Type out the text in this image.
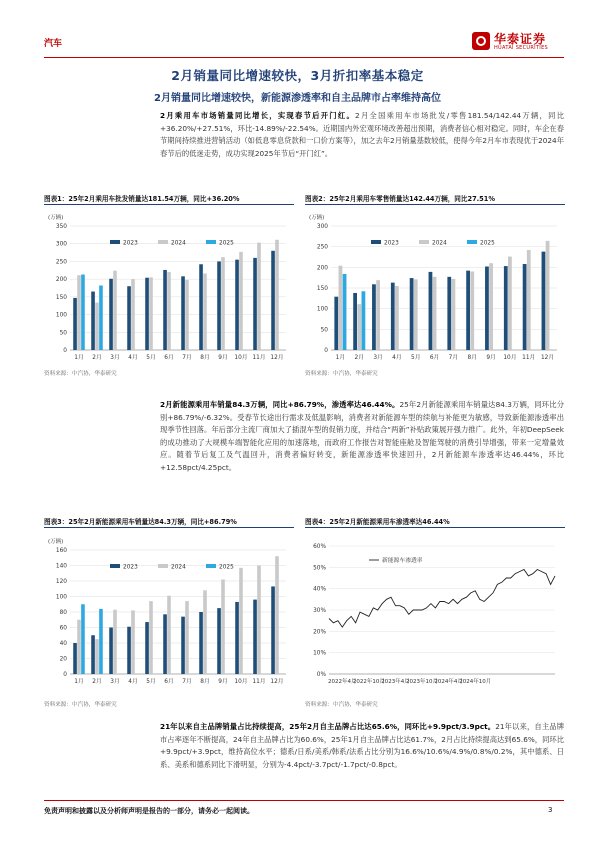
汽车	华泰证券
HUATAI SECURITIES
2月销量同比增速较快，3月折扣率基本稳定
2月销量同比增速较快，新能源渗透率和自主品牌市占率维持高位
2月乘用车市场销量同比增长，实现春节后开门红。2月全国乘用车市场批发/零售181.54/142.44万辆，同比+36.20%/+27.51%，环比-14.89%/-22.54%。近期国内外宏观环境改善超出预期，消费者信心相对稳定。同时，车企在春节期间持续推进营销活动（如低息零息贷款和一口价方案等），加之去年2月销量基数较低，使得今年2月车市表现优于2024年春节后的低迷走势，成功实现2025年节后“开门红”。
图表1：25年2月乘用车批发销量达181.54万辆，同比+36.20%
(万辆)
0
50
100
150
200
250
300
350
1月 2月 3月 4月 5月 6月 7月 8月 9月 10月 11月 12月
2023	2024	2025
资料来源：中汽协，华泰研究
图表2：25年2月乘用车零售销量达142.44万辆，同比27.51%
(万辆)
0
50
100
150
200
250
300
1月 2月 3月 4月 5月 6月 7月 8月 9月 10月 11月 12月
2023	2024	2025
资料来源：中汽协，华泰研究
2月新能源乘用车销量84.3万辆，同比+86.79%，渗透率达46.44%。25年2月新能源乘用车销量达84.3万辆，同环比分别+86.79%/-6.32%。受春节长途出行需求及低温影响，消费者对新能源车型的续航与补能更为敏感，导致新能源渗透率出现季节性回落。年后部分主流厂商加大了插混车型的促销力度，并结合“两新”补贴政策展开强力推广。此外，年初DeepSeek的成功推动了大规模车端智能化应用的加速落地，而政府工作报告对智能座舱及智能驾驶的消费引导增强，带来一定增量效应。随着节后复工及气温回升，消费者偏好转变，新能源渗透率快速回升，2月新能源车渗透率达46.44%，环比+12.58pct/4.25pct。
图表3：25年2月新能源乘用车销量达84.3万辆，同比+86.79%
(万辆)
0
20
40
60
80
100
120
140
160
1月 2月 3月 4月 5月 6月 7月 8月 9月 10月 11月 12月
2023	2024	2025
资料来源：中汽协，华泰研究
图表4：25年2月新能源乘用车渗透率达46.44%
0%
10%
20%
30%
40%
50%
60%
2022年4月
2022年10月
2023年4月
2023年10月
2024年4月
2024年10月
新能源车渗透率
资料来源：中汽协，华泰研究
21年以来自主品牌销量占比持续提高，25年2月自主品牌占比达65.6%，同环比+9.9pct/3.9pct。21年以来，自主品牌市占率逐年不断提高，24年自主品牌占比为60.6%，25年1月自主品牌占比达61.7%，2月占比持续提高达到65.6%，同环比+9.9pct/+3.9pct，维持高位水平；德系/日系/美系/韩系/法系占比分别为16.6%/10.6%/4.9%/0.8%/0.2%，其中德系、日系、美系和德系同比下滑明显，分别为-4.4pct/-3.7pct/-1.7pct/-0.8pct。
免责声明和披露以及分析师声明是报告的一部分，请务必一起阅读。	3
